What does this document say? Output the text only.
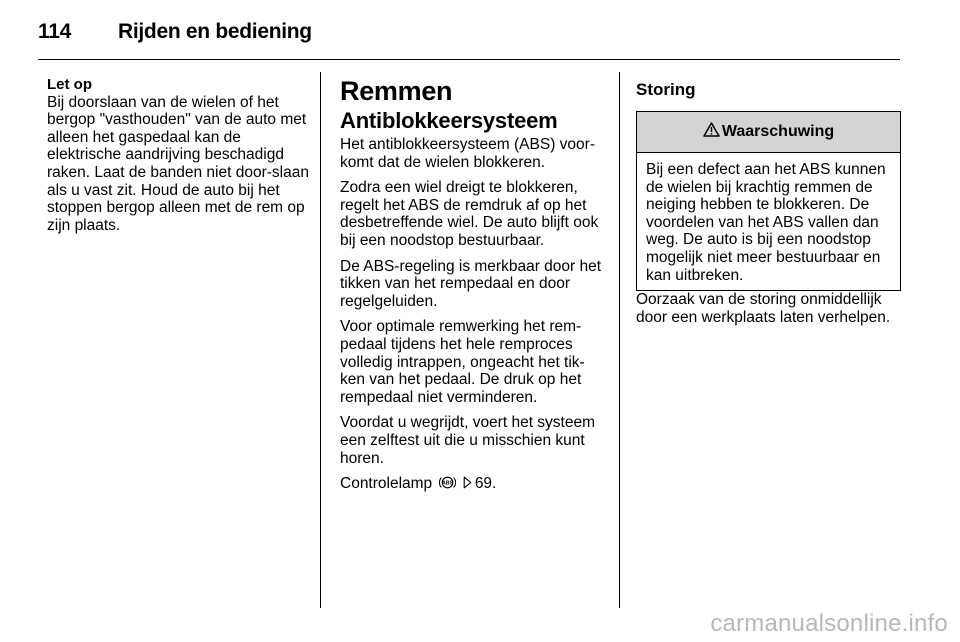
114 Rijden en bediening
Let op
Bij doorslaan van de wielen of het bergop "vasthouden" van de auto met alleen het gaspedaal kan de elektrische aandrijving beschadigd raken. Laat de banden niet door-slaan als u vast zit. Houd de auto bij het stoppen bergop alleen met de rem op zijn plaats.
Remmen
Antiblokkeersysteem

Het antiblokkeersysteem (ABS) voor-komt dat de wielen blokkeren.

Zodra een wiel dreigt te blokkeren, regelt het ABS de remdruk af op het desbetreffende wiel. De auto blijft ook bij een noodstop bestuurbaar.

De ABS-regeling is merkbaar door het tikken van het rempedaal en door regelgeluiden.

Voor optimale remwerking het rem-pedaal tijdens het hele remproces volledig intrappen, ongeacht het tik-ken van het pedaal. De druk op het rempedaal niet verminderen.

Voordat u wegrijdt, voert het systeem een zelftest uit die u misschien kunt horen.

Controlelamp ABS 69.

Storing
Waarschuwing
Bij een defect aan het ABS kunnen de wielen bij krachtig remmen de neiging hebben te blokkeren. De voordelen van het ABS vallen dan weg. De auto is bij een noodstop mogelijk niet meer bestuurbaar en kan uitbreken.

Oorzaak van de storing onmiddellijk door een werkplaats laten verhelpen.

carmanualsonline.info
